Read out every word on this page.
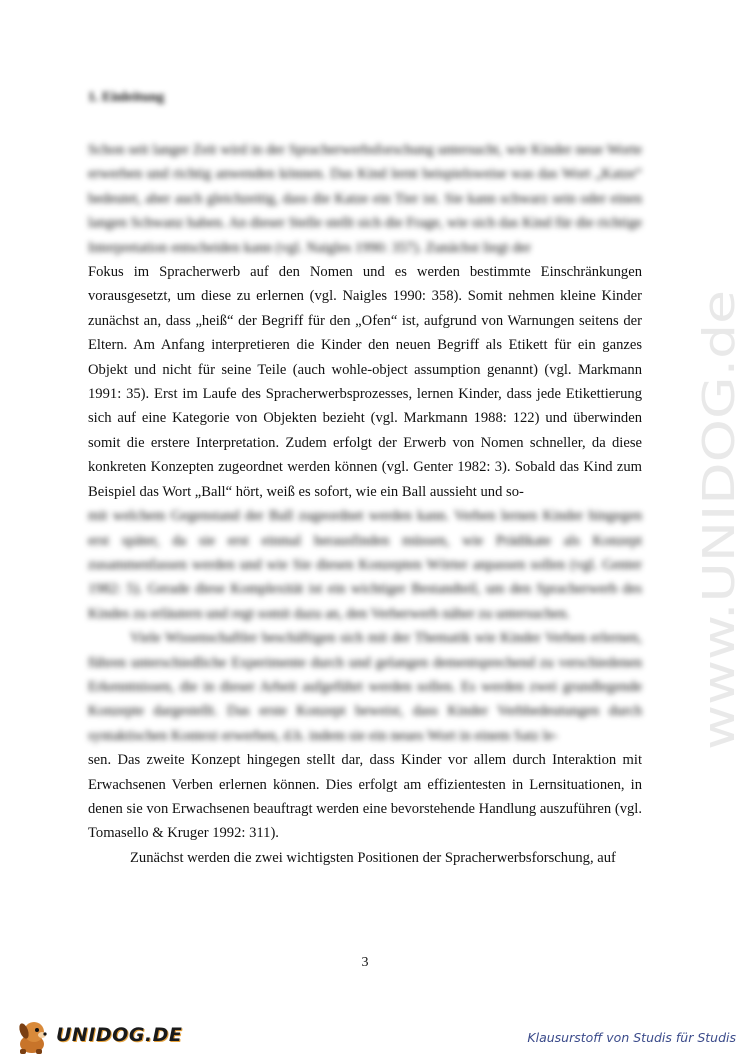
1. Einleitung

Schon seit langer Zeit wird in der Spracherwerbsforschung untersucht, wie Kinder neue Worte erwerben und richtig anwenden können. Das Kind lernt beispielsweise was das Wort „Katze“ bedeutet, aber auch gleichzeitig, dass die Katze ein Tier ist. Sie kann schwarz sein oder einen langen Schwanz haben. An dieser Stelle stellt sich die Frage, wie sich das Kind für die richtige Interpretation entscheiden kann (vgl. Naigles 1990: 357). Zunächst liegt der

Fokus im Spracherwerb auf den Nomen und es werden bestimmte Einschränkungen vorausgesetzt, um diese zu erlernen (vgl. Naigles 1990: 358). Somit nehmen kleine Kinder zunächst an, dass „heiß“ der Begriff für den „Ofen“ ist, aufgrund von Warnungen seitens der Eltern. Am Anfang interpretieren die Kinder den neuen Begriff als Etikett für ein ganzes Objekt und nicht für seine Teile (auch wohle-object assumption genannt) (vgl. Markmann 1991: 35). Erst im Laufe des Spracherwerbsprozesses, lernen Kinder, dass jede Etikettierung sich auf eine Kategorie von Objekten bezieht (vgl. Markmann 1988: 122) und überwinden somit die erstere Interpretation. Zudem erfolgt der Erwerb von Nomen schneller, da diese konkreten Konzepten zugeordnet werden können (vgl. Genter 1982: 3). Sobald das Kind zum Beispiel das Wort „Ball“ hört, weiß es sofort, wie ein Ball aussieht und so-

mit welchem Gegenstand der Ball zugeordnet werden kann. Verben lernen Kinder hingegen erst später, da sie erst einmal herausfinden müssen, wie Prädikate als Konzept zusammenfassen werden und wie Sie diesen Konzepten Wörter anpassen sollen (vgl. Genter 1982: 5). Gerade diese Komplexität ist ein wichtiger Bestandteil, um den Spracherwerb des Kindes zu erläutern und regt somit dazu an, den Verberwerb näher zu untersuchen.

Viele Wissenschaftler beschäftigen sich mit der Thematik wie Kinder Verben erlernen, führen unterschiedliche Experimente durch und gelangen dementsprechend zu verschiedenen Erkenntnissen, die in dieser Arbeit aufgeführt werden sollen. Es werden zwei grundlegende Konzepte dargestellt. Das erste Konzept beweist, dass Kinder Verbbedeutungen durch syntaktischen Kontext erwerben, d.h. indem sie ein neues Wort in einem Satz le-

sen. Das zweite Konzept hingegen stellt dar, dass Kinder vor allem durch Interaktion mit Erwachsenen Verben erlernen können. Dies erfolgt am effizientesten in Lernsituationen, in denen sie von Erwachsenen beauftragt werden eine bevorstehende Handlung auszuführen (vgl. Tomasello & Kruger 1992: 311).

Zunächst werden die zwei wichtigsten Positionen der Spracherwerbsforschung, auf

3
www.UNIDOG.de
UNIDOG.DE	Klausurstoff von Studis für Studis
